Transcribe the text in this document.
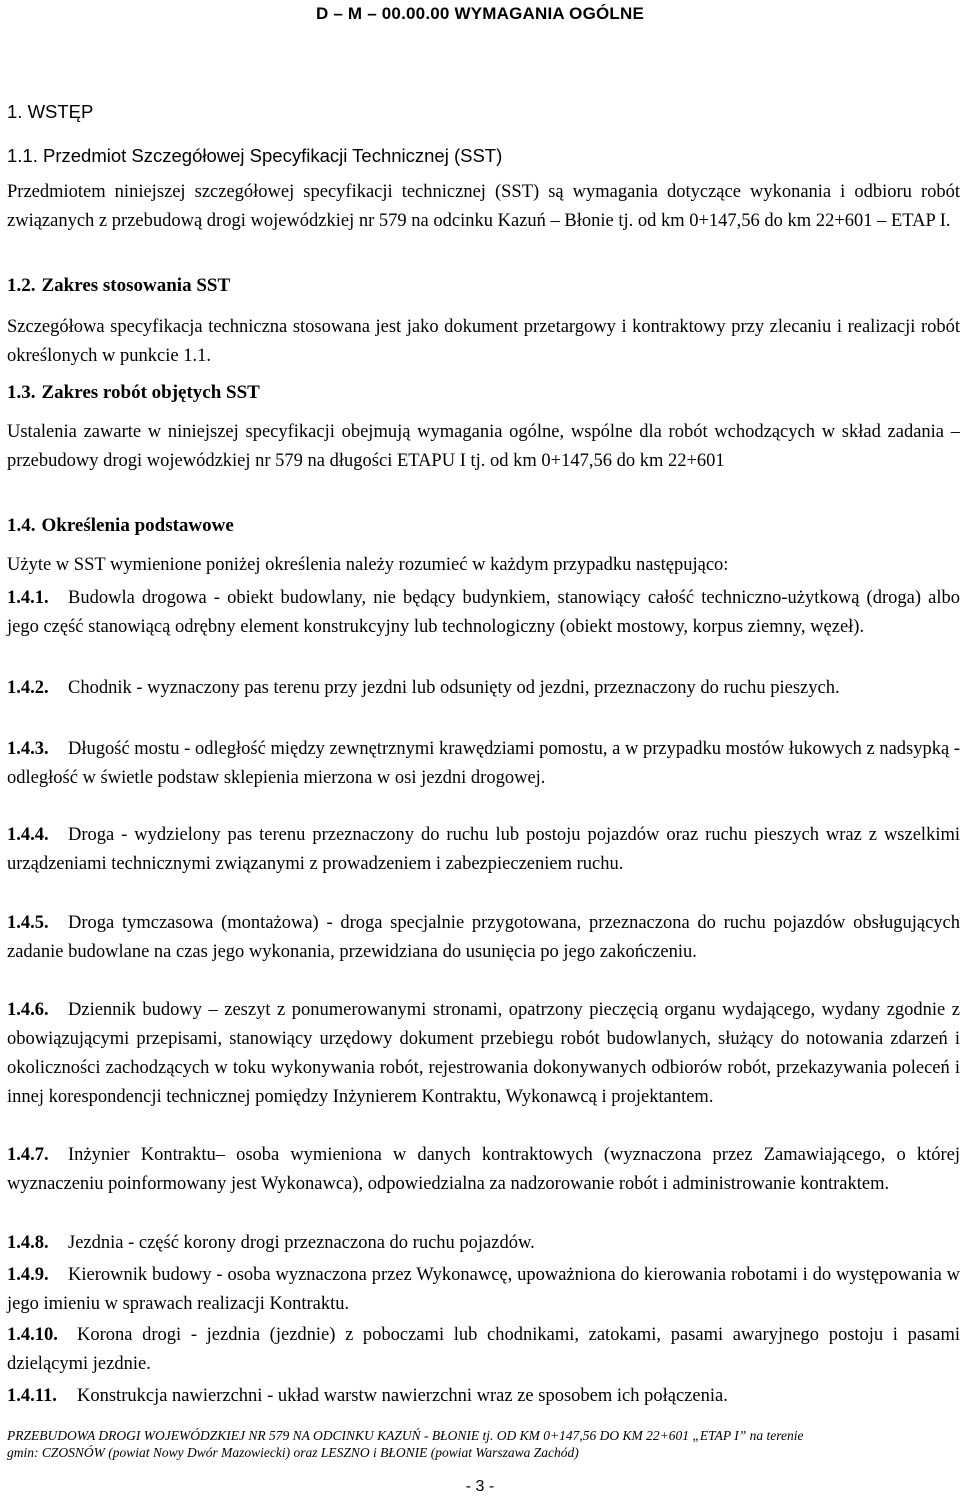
D – M – 00.00.00 WYMAGANIA OGÓLNE
1. WSTĘP
1.1. Przedmiot Szczegółowej Specyfikacji Technicznej (SST)
Przedmiotem niniejszej szczegółowej specyfikacji technicznej (SST) są wymagania dotyczące wykonania i odbioru robót związanych z przebudową drogi wojewódzkiej nr 579 na odcinku Kazuń – Błonie tj. od km 0+147,56 do km 22+601 – ETAP I.
1.2. Zakres stosowania SST
Szczegółowa specyfikacja techniczna stosowana jest jako dokument przetargowy i kontraktowy przy zlecaniu i realizacji robót określonych w punkcie 1.1.
1.3. Zakres robót objętych SST
Ustalenia zawarte w niniejszej specyfikacji obejmują wymagania ogólne, wspólne dla robót wchodzących w skład zadania – przebudowy drogi wojewódzkiej nr 579 na długości ETAPU I tj. od km 0+147,56 do km 22+601
1.4. Określenia podstawowe
Użyte w SST wymienione poniżej określenia należy rozumieć w każdym przypadku następująco:
1.4.1. Budowla drogowa - obiekt budowlany, nie będący budynkiem, stanowiący całość techniczno-użytkową (droga) albo jego część stanowiącą odrębny element konstrukcyjny lub technologiczny (obiekt mostowy, korpus ziemny, węzeł).
1.4.2. Chodnik - wyznaczony pas terenu przy jezdni lub odsunięty od jezdni, przeznaczony do ruchu pieszych.
1.4.3. Długość mostu - odległość między zewnętrznymi krawędziami pomostu, a w przypadku mostów łukowych z nadsypką - odległość w świetle podstaw sklepienia mierzona w osi jezdni drogowej.
1.4.4. Droga - wydzielony pas terenu przeznaczony do ruchu lub postoju pojazdów oraz ruchu pieszych wraz z wszelkimi urządzeniami technicznymi związanymi z prowadzeniem i zabezpieczeniem ruchu.
1.4.5. Droga tymczasowa (montażowa) - droga specjalnie przygotowana, przeznaczona do ruchu pojazdów obsługujących zadanie budowlane na czas jego wykonania, przewidziana do usunięcia po jego zakończeniu.
1.4.6. Dziennik budowy – zeszyt z ponumerowanymi stronami, opatrzony pieczęcią organu wydającego, wydany zgodnie z obowiązującymi przepisami, stanowiący urzędowy dokument przebiegu robót budowlanych, służący do notowania zdarzeń i okoliczności zachodzących w toku wykonywania robót, rejestrowania dokonywanych odbiorów robót, przekazywania poleceń i innej korespondencji technicznej pomiędzy Inżynierem Kontraktu, Wykonawcą i projektantem.
1.4.7. Inżynier Kontraktu– osoba wymieniona w danych kontraktowych (wyznaczona przez Zamawiającego, o której wyznaczeniu poinformowany jest Wykonawca), odpowiedzialna za nadzorowanie robót i administrowanie kontraktem.
1.4.8. Jezdnia - część korony drogi przeznaczona do ruchu pojazdów.
1.4.9. Kierownik budowy - osoba wyznaczona przez Wykonawcę, upoważniona do kierowania robotami i do występowania w jego imieniu w sprawach realizacji Kontraktu.
1.4.10. Korona drogi - jezdnia (jezdnie) z poboczami lub chodnikami, zatokami, pasami awaryjnego postoju i pasami dzielącymi jezdnie.
1.4.11. Konstrukcja nawierzchni - układ warstw nawierzchni wraz ze sposobem ich połączenia.
PRZEBUDOWA DROGI WOJEWÓDZKIEJ NR 579 NA ODCINKU KAZUŃ - BŁONIE tj. OD KM 0+147,56 DO KM 22+601 „ETAP I” na terenie
gmin: CZOSNÓW (powiat Nowy Dwór Mazowiecki) oraz LESZNO i BŁONIE (powiat Warszawa Zachód)
- 3 -
